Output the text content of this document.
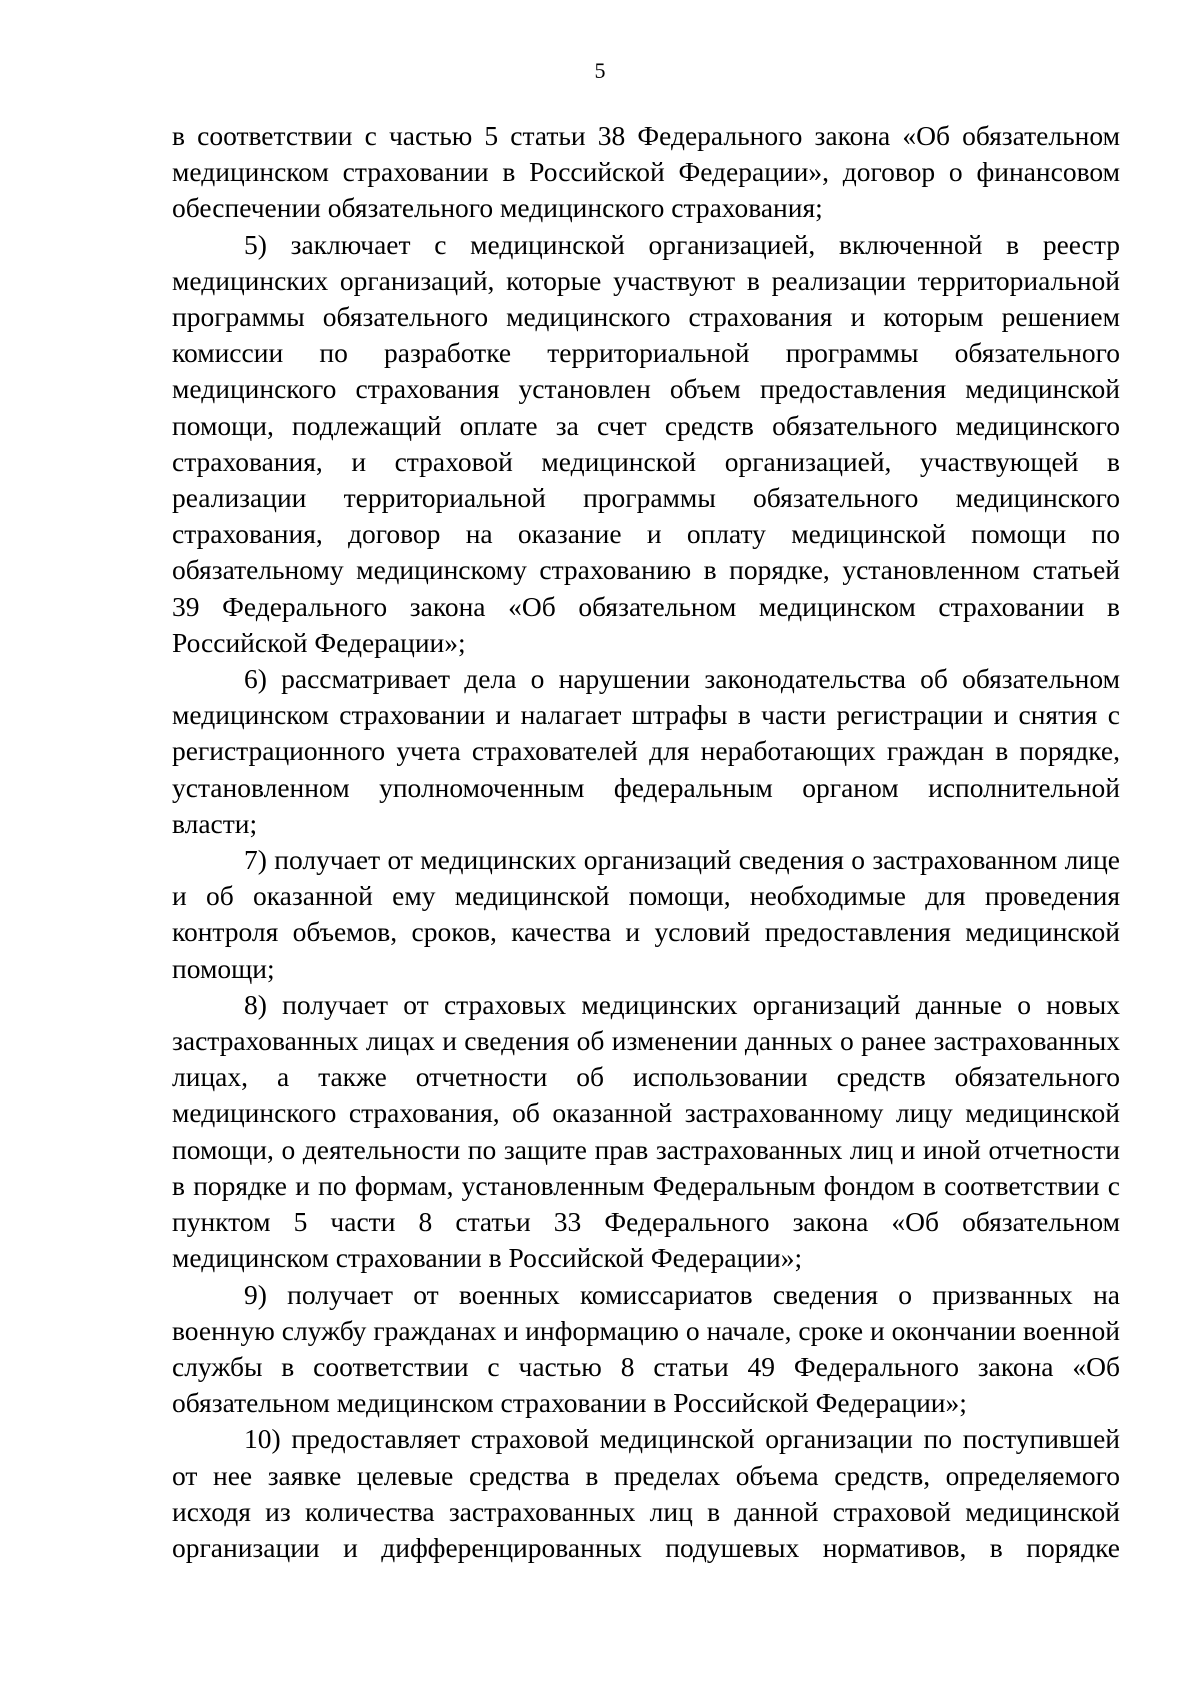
5

в соответствии с частью 5 статьи 38 Федерального закона «Об обязательном медицинском страховании в Российской Федерации», договор о финансовом обеспечении обязательного медицинского страхования;

5) заключает с медицинской организацией, включенной в реестр медицинских организаций, которые участвуют в реализации территориальной программы обязательного медицинского страхования и которым решением комиссии по разработке территориальной программы обязательного медицинского страхования установлен объем предоставления медицинской помощи, подлежащий оплате за счет средств обязательного медицинского страхования, и страховой медицинской организацией, участвующей в реализации территориальной программы обязательного медицинского страхования, договор на оказание и оплату медицинской помощи по обязательному медицинскому страхованию в порядке, установленном статьей 39 Федерального закона «Об обязательном медицинском страховании в Российской Федерации»;

6) рассматривает дела о нарушении законодательства об обязательном медицинском страховании и налагает штрафы в части регистрации и снятия с регистрационного учета страхователей для неработающих граждан в порядке, установленном уполномоченным федеральным органом исполнительной власти;

7) получает от медицинских организаций сведения о застрахованном лице и об оказанной ему медицинской помощи, необходимые для проведения контроля объемов, сроков, качества и условий предоставления медицинской помощи;

8) получает от страховых медицинских организаций данные о новых застрахованных лицах и сведения об изменении данных о ранее застрахованных лицах, а также отчетности об использовании средств обязательного медицинского страхования, об оказанной застрахованному лицу медицинской помощи, о деятельности по защите прав застрахованных лиц и иной отчетности в порядке и по формам, установленным Федеральным фондом в соответствии с пунктом 5 части 8 статьи 33 Федерального закона «Об обязательном медицинском страховании в Российской Федерации»;

9) получает от военных комиссариатов сведения о призванных на военную службу гражданах и информацию о начале, сроке и окончании военной службы в соответствии с частью 8 статьи 49 Федерального закона «Об обязательном медицинском страховании в Российской Федерации»;

10) предоставляет страховой медицинской организации по поступившей от нее заявке целевые средства в пределах объема средств, определяемого исходя из количества застрахованных лиц в данной страховой медицинской организации и дифференцированных подушевых нормативов, в порядке
